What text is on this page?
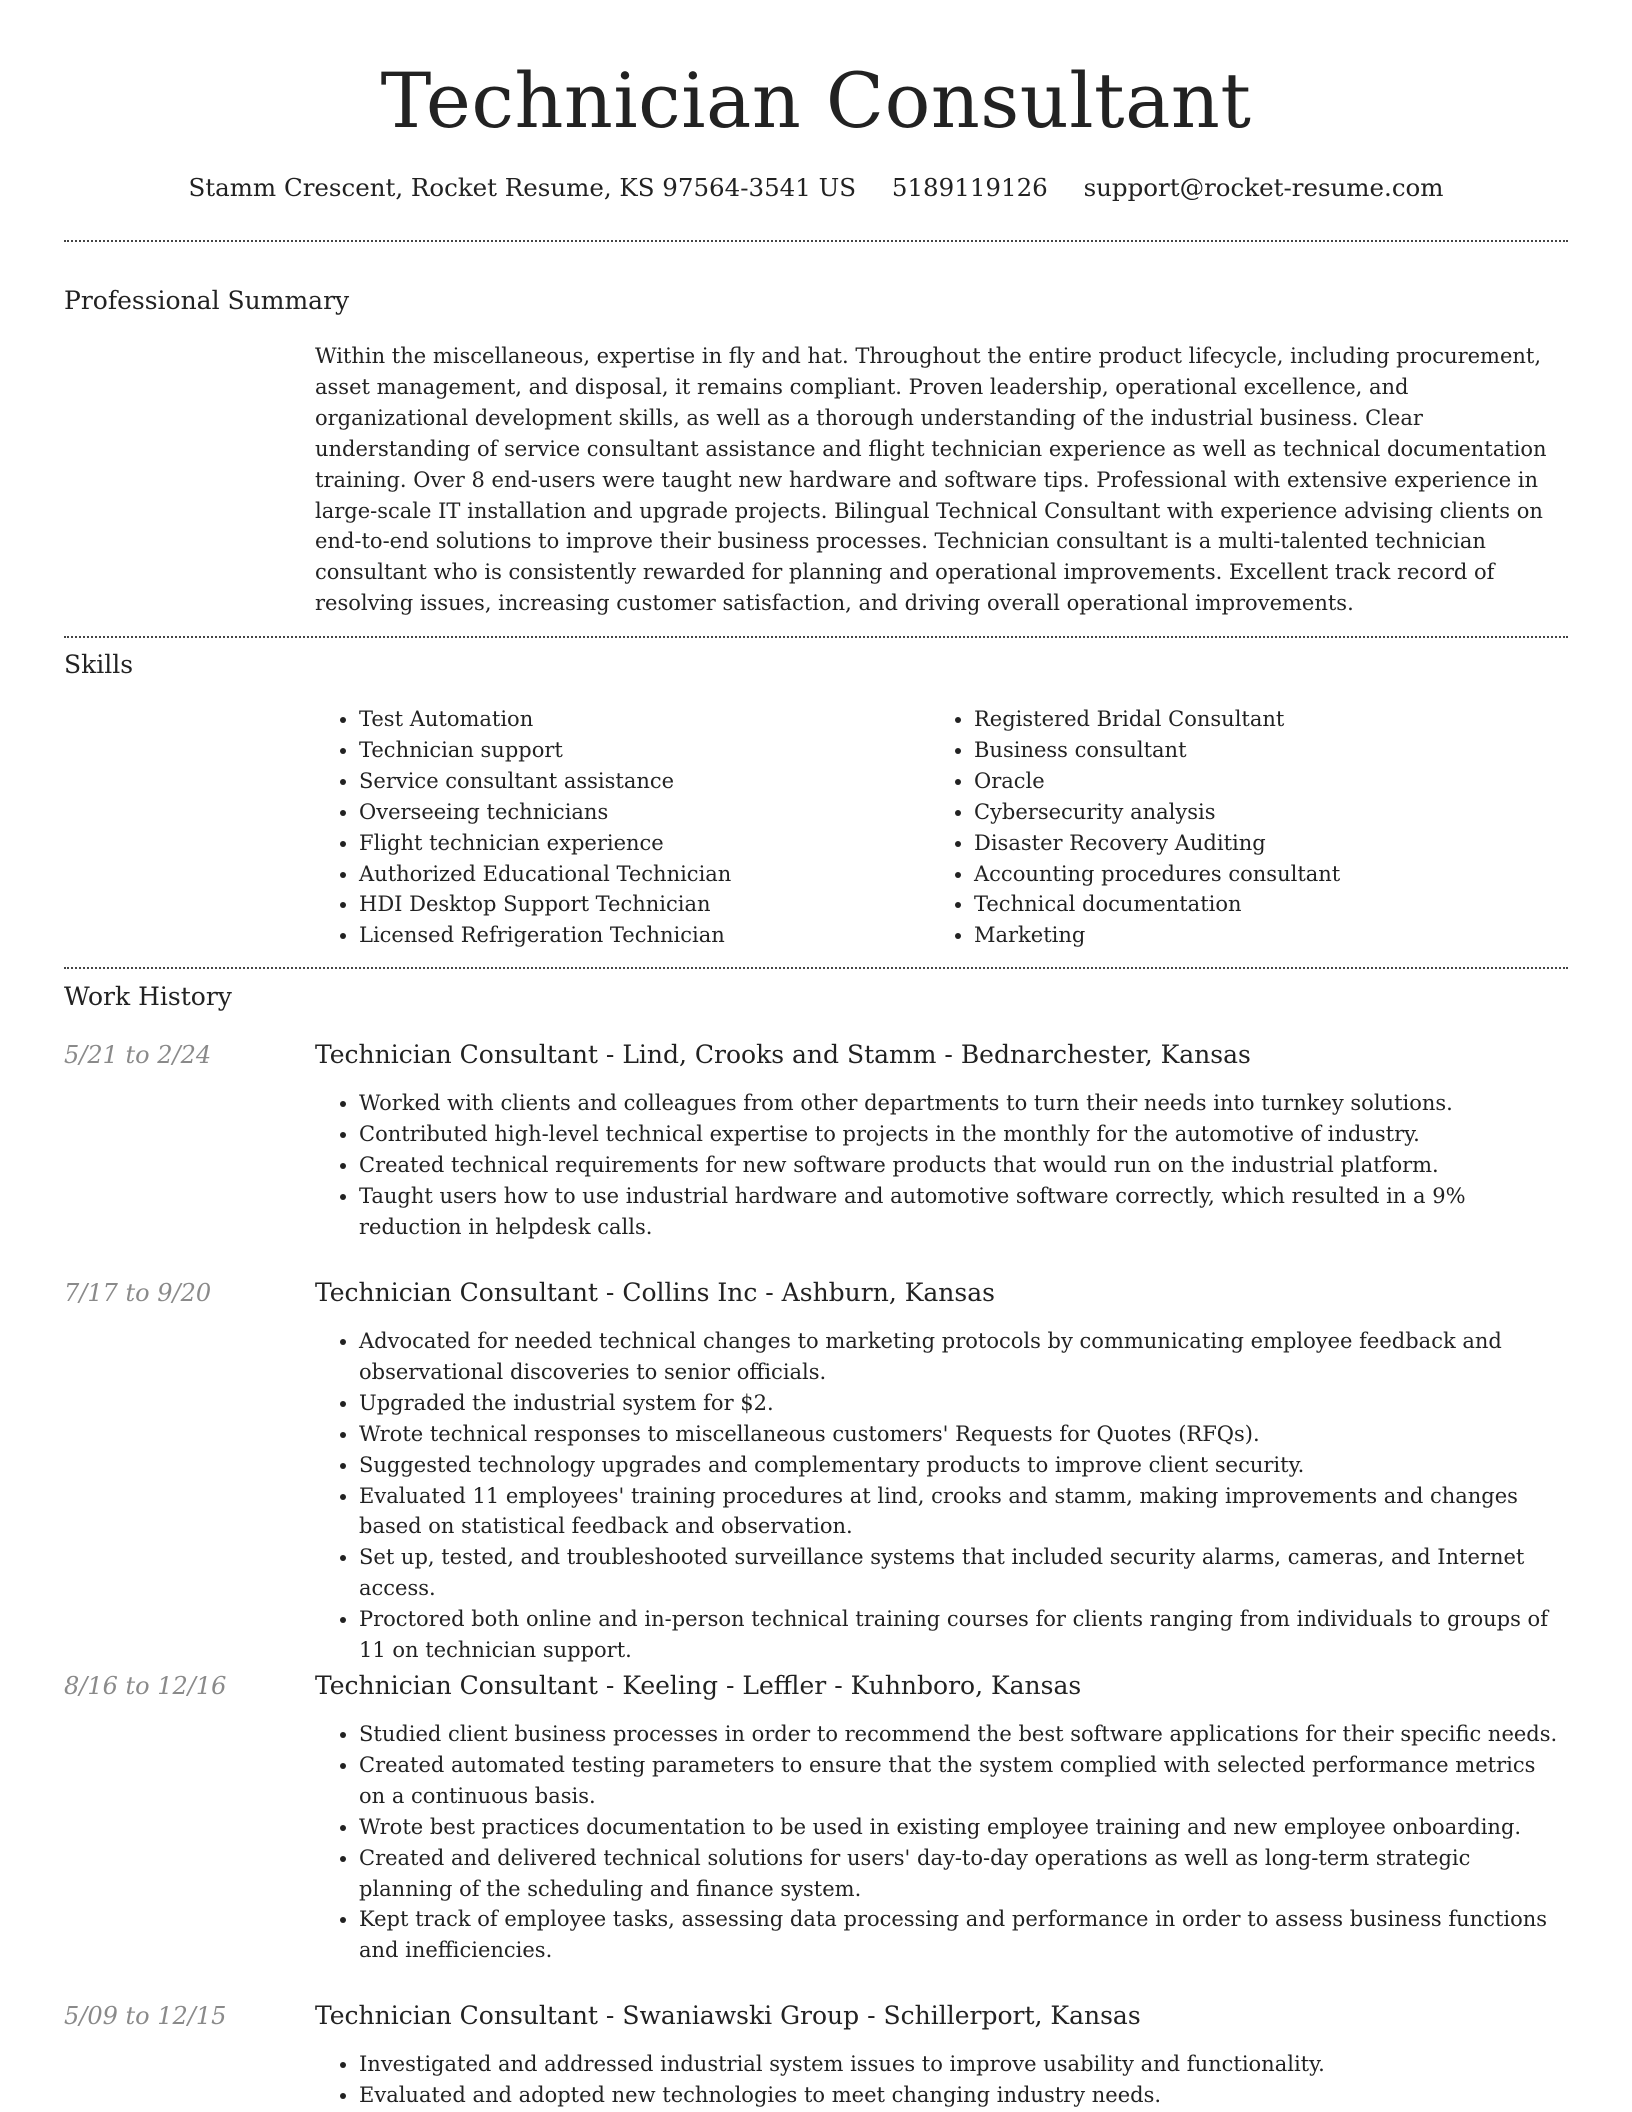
Technician Consultant
Stamm Crescent, Rocket Resume, KS 97564-3541 US 5189119126 support@rocket-resume.com
Professional Summary

Within the miscellaneous, expertise in fly and hat. Throughout the entire product lifecycle, including procurement, asset management, and disposal, it remains compliant. Proven leadership, operational excellence, and organizational development skills, as well as a thorough understanding of the industrial business. Clear understanding of service consultant assistance and flight technician experience as well as technical documentation training. Over 8 end-users were taught new hardware and software tips. Professional with extensive experience in large-scale IT installation and upgrade projects. Bilingual Technical Consultant with experience advising clients on end-to-end solutions to improve their business processes. Technician consultant is a multi-talented technician consultant who is consistently rewarded for planning and operational improvements. Excellent track record of resolving issues, increasing customer satisfaction, and driving overall operational improvements.

Skills
• Test Automation
• Technician support
• Service consultant assistance
• Overseeing technicians
• Flight technician experience
• Authorized Educational Technician
• HDI Desktop Support Technician
• Licensed Refrigeration Technician
• Registered Bridal Consultant
• Business consultant
• Oracle
• Cybersecurity analysis
• Disaster Recovery Auditing
• Accounting procedures consultant
• Technical documentation
• Marketing
Work History
5/21 to 2/24	Technician Consultant - Lind, Crooks and Stamm - Bednarchester, Kansas
• Worked with clients and colleagues from other departments to turn their needs into turnkey solutions.
• Contributed high-level technical expertise to projects in the monthly for the automotive of industry.
• Created technical requirements for new software products that would run on the industrial platform.
• Taught users how to use industrial hardware and automotive software correctly, which resulted in a 9% reduction in helpdesk calls.
7/17 to 9/20	Technician Consultant - Collins Inc - Ashburn, Kansas
• Advocated for needed technical changes to marketing protocols by communicating employee feedback and observational discoveries to senior officials.
• Upgraded the industrial system for $2.
• Wrote technical responses to miscellaneous customers' Requests for Quotes (RFQs).
• Suggested technology upgrades and complementary products to improve client security.
• Evaluated 11 employees' training procedures at lind, crooks and stamm, making improvements and changes based on statistical feedback and observation.
• Set up, tested, and troubleshooted surveillance systems that included security alarms, cameras, and Internet access.
• Proctored both online and in-person technical training courses for clients ranging from individuals to groups of 11 on technician support.
8/16 to 12/16	Technician Consultant - Keeling - Leffler - Kuhnboro, Kansas
• Studied client business processes in order to recommend the best software applications for their specific needs.
• Created automated testing parameters to ensure that the system complied with selected performance metrics on a continuous basis.
• Wrote best practices documentation to be used in existing employee training and new employee onboarding.
• Created and delivered technical solutions for users' day-to-day operations as well as long-term strategic planning of the scheduling and finance system.
• Kept track of employee tasks, assessing data processing and performance in order to assess business functions and inefficiencies.
5/09 to 12/15	Technician Consultant - Swaniawski Group - Schillerport, Kansas
• Investigated and addressed industrial system issues to improve usability and functionality.
• Evaluated and adopted new technologies to meet changing industry needs.
